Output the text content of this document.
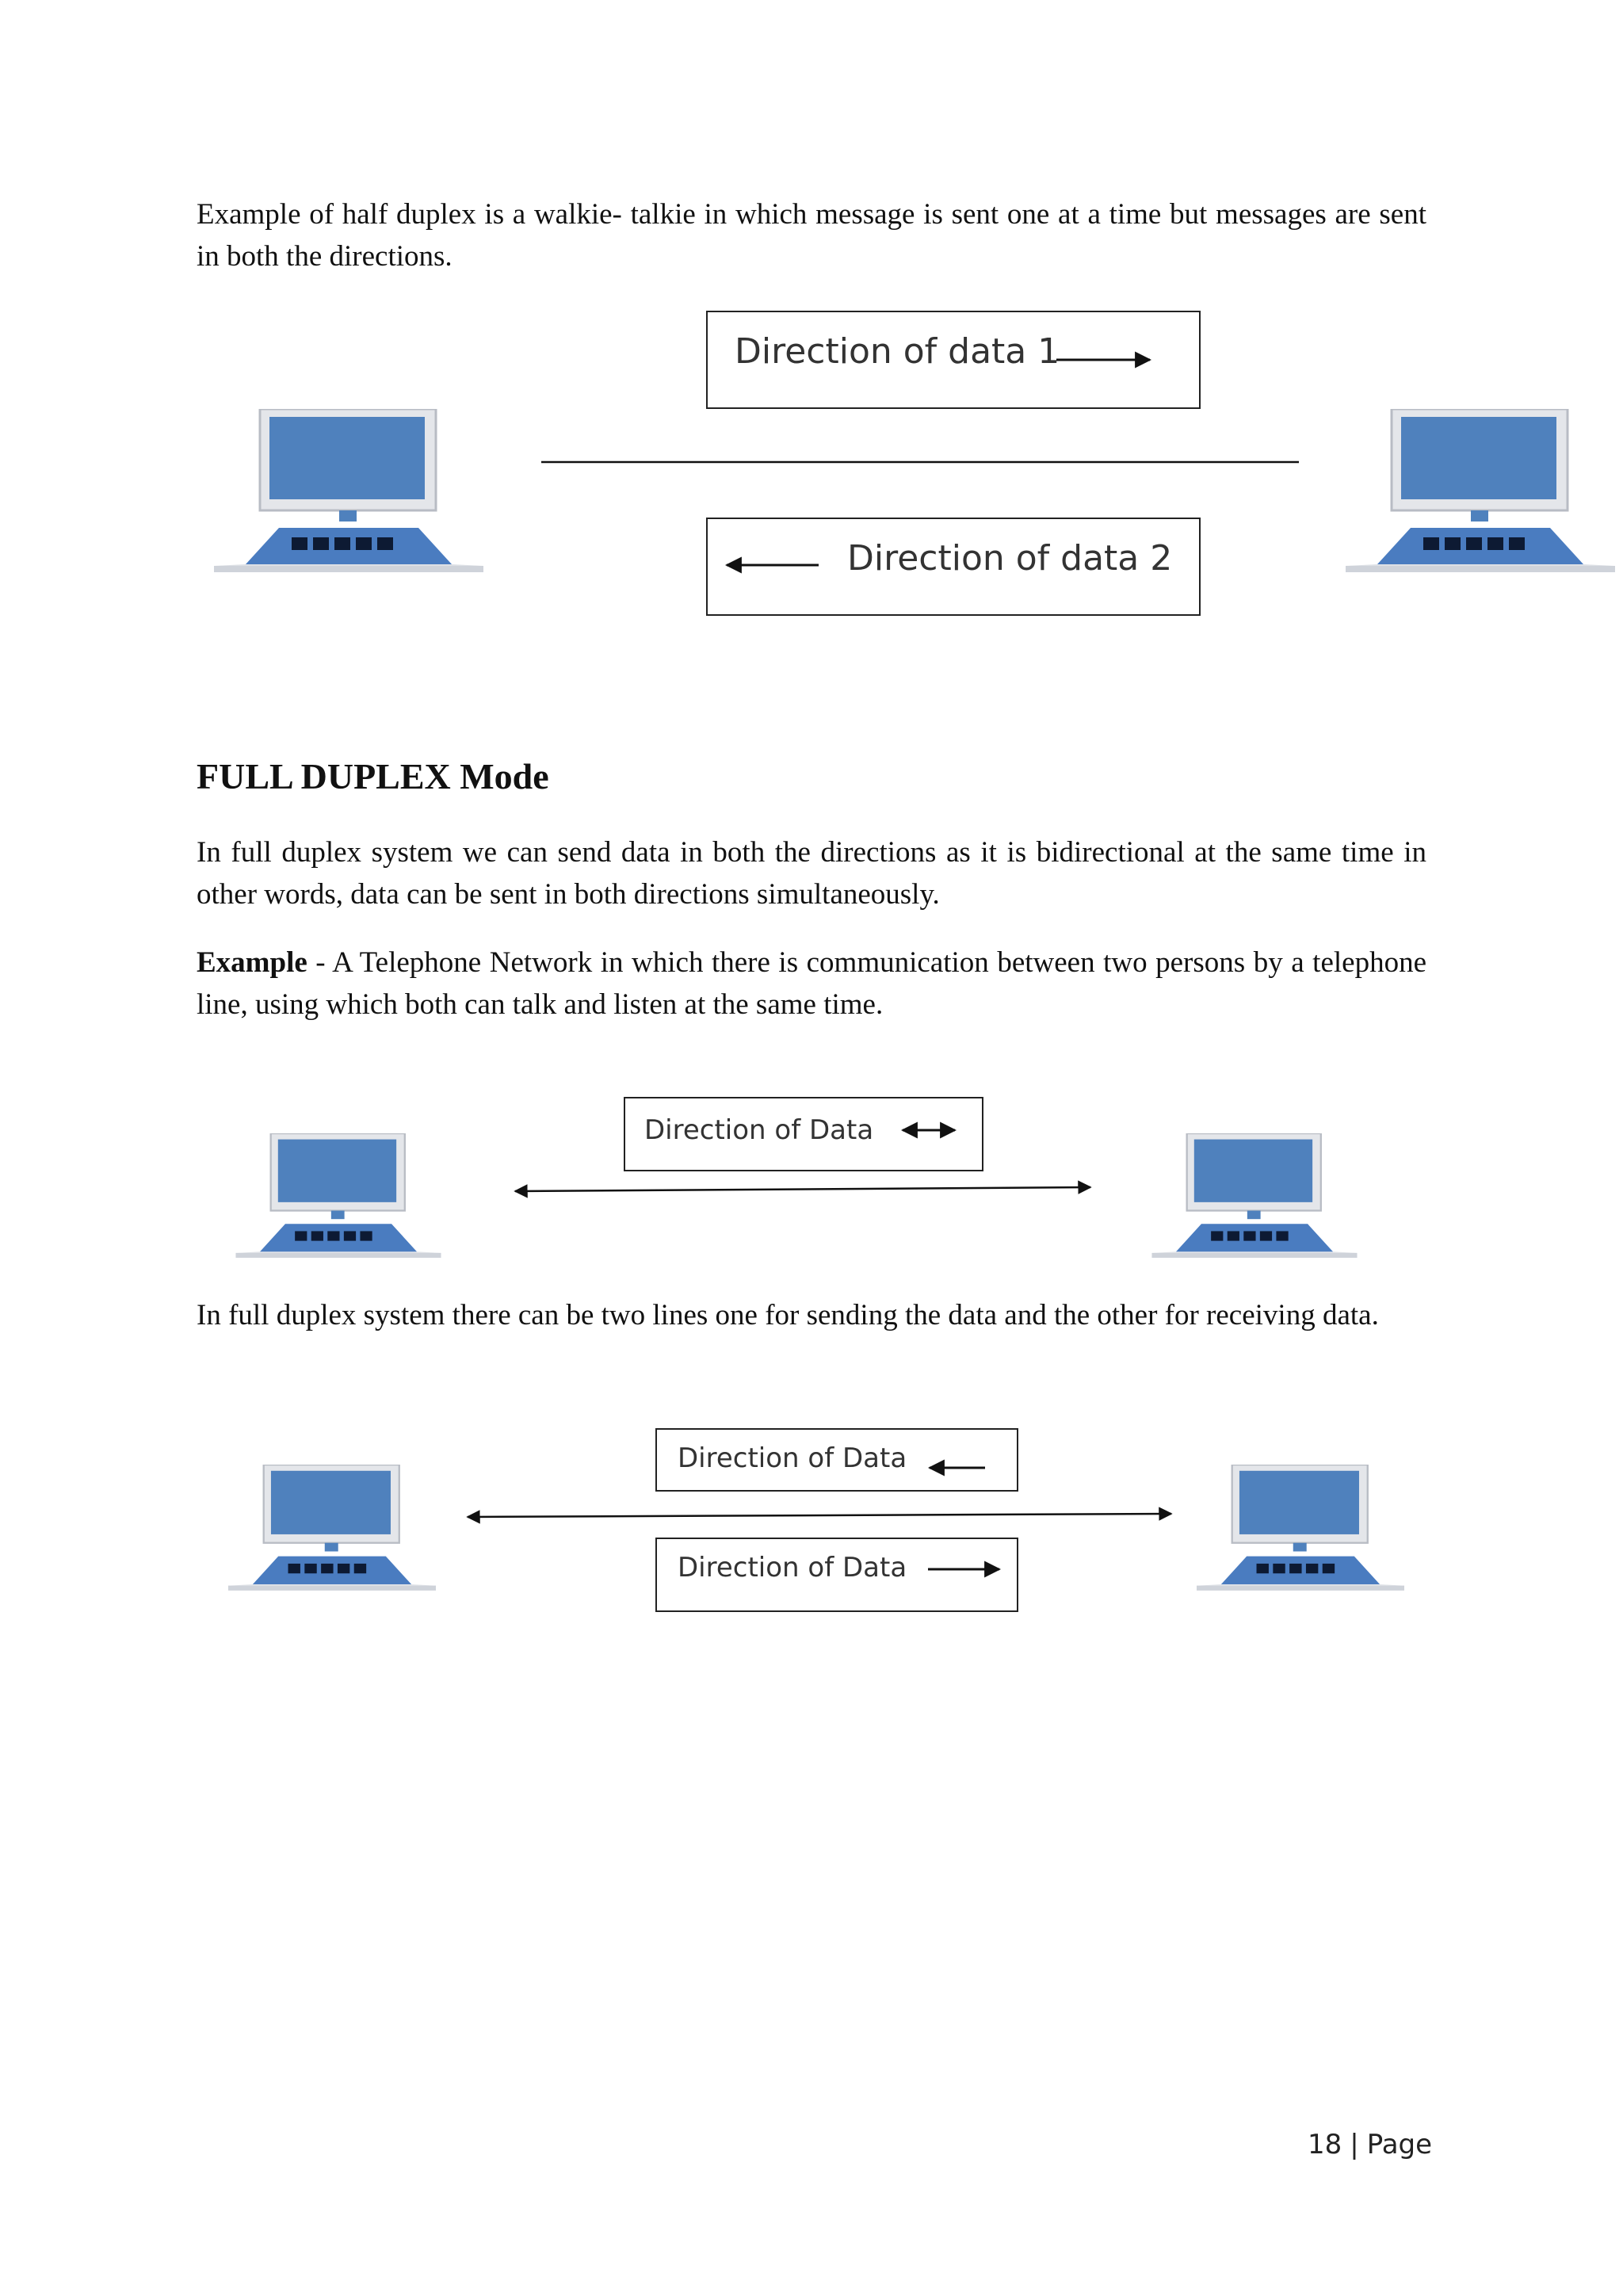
Example of half duplex is a walkie- talkie in which message is sent one at a time but messages are sent in both the directions.

Direction of data 1
Direction of data 2
FULL DUPLEX Mode

In full duplex system we can send data in both the directions as it is bidirectional at the same time in other words, data can be sent in both directions simultaneously.

Example - A Telephone Network in which there is communication between two persons by a telephone line, using which both can talk and listen at the same time.

Direction of Data

In full duplex system there can be two lines one for sending the data and the other for receiving data.

Direction of Data
Direction of Data
18 | Page
